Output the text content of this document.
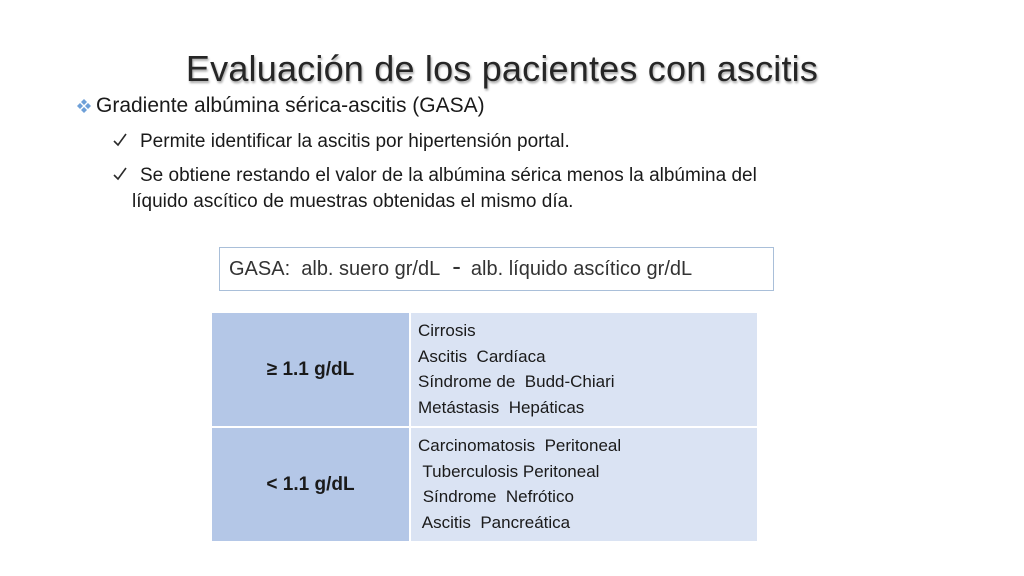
Evaluación de los pacientes con ascitis
Gradiente albúmina sérica-ascitis (GASA)
Permite identificar la ascitis por hipertensión portal.
Se obtiene restando el valor de la albúmina sérica menos la albúmina del
líquido ascítico de muestras obtenidas el mismo día.
GASA:  alb. suero gr/dL - alb. líquido ascítico gr/dL
≥ 1.1 g/dL	Cirrosis
Ascitis  Cardíaca
Síndrome de  Budd-Chiari
Metástasis  Hepáticas

< 1.1 g/dL	Carcinomatosis  Peritoneal
Tuberculosis Peritoneal
Síndrome  Nefrótico
Ascitis  Pancreática
